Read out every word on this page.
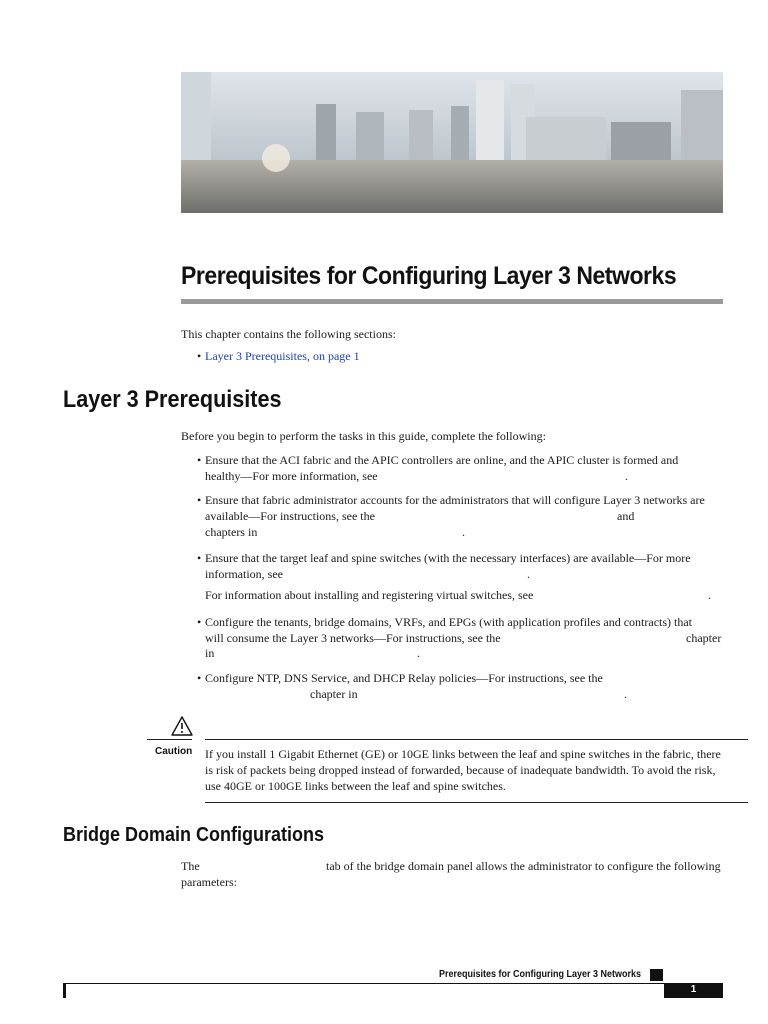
Prerequisites for Configuring Layer 3 Networks

This chapter contains the following sections:

• Layer 3 Prerequisites, on page 1
Layer 3 Prerequisites

Before you begin to perform the tasks in this guide, complete the following:

• Ensure that the ACI fabric and the APIC controllers are online, and the APIC cluster is formed and

healthy—For more information, see	.

• Ensure that fabric administrator accounts for the administrators that will configure Layer 3 networks are

available—For instructions, see the	and

chapters in	.

• Ensure that the target leaf and spine switches (with the necessary interfaces) are available—For more

information, see	.

For information about installing and registering virtual switches, see	.

• Configure the tenants, bridge domains, VRFs, and EPGs (with application profiles and contracts) that

will consume the Layer 3 networks—For instructions, see the	chapter

in	.

• Configure NTP, DNS Service, and DHCP Relay policies—For instructions, see the

chapter in	.

Caution If you install 1 Gigabit Ethernet (GE) or 10GE links between the leaf and spine switches in the fabric, there
is risk of packets being dropped instead of forwarded, because of inadequate bandwidth. To avoid the risk,
use 40GE or 100GE links between the leaf and spine switches.
Bridge Domain Configurations

The	tab of the bridge domain panel allows the administrator to configure the following

parameters:

Prerequisites for Configuring Layer 3 Networks
1
